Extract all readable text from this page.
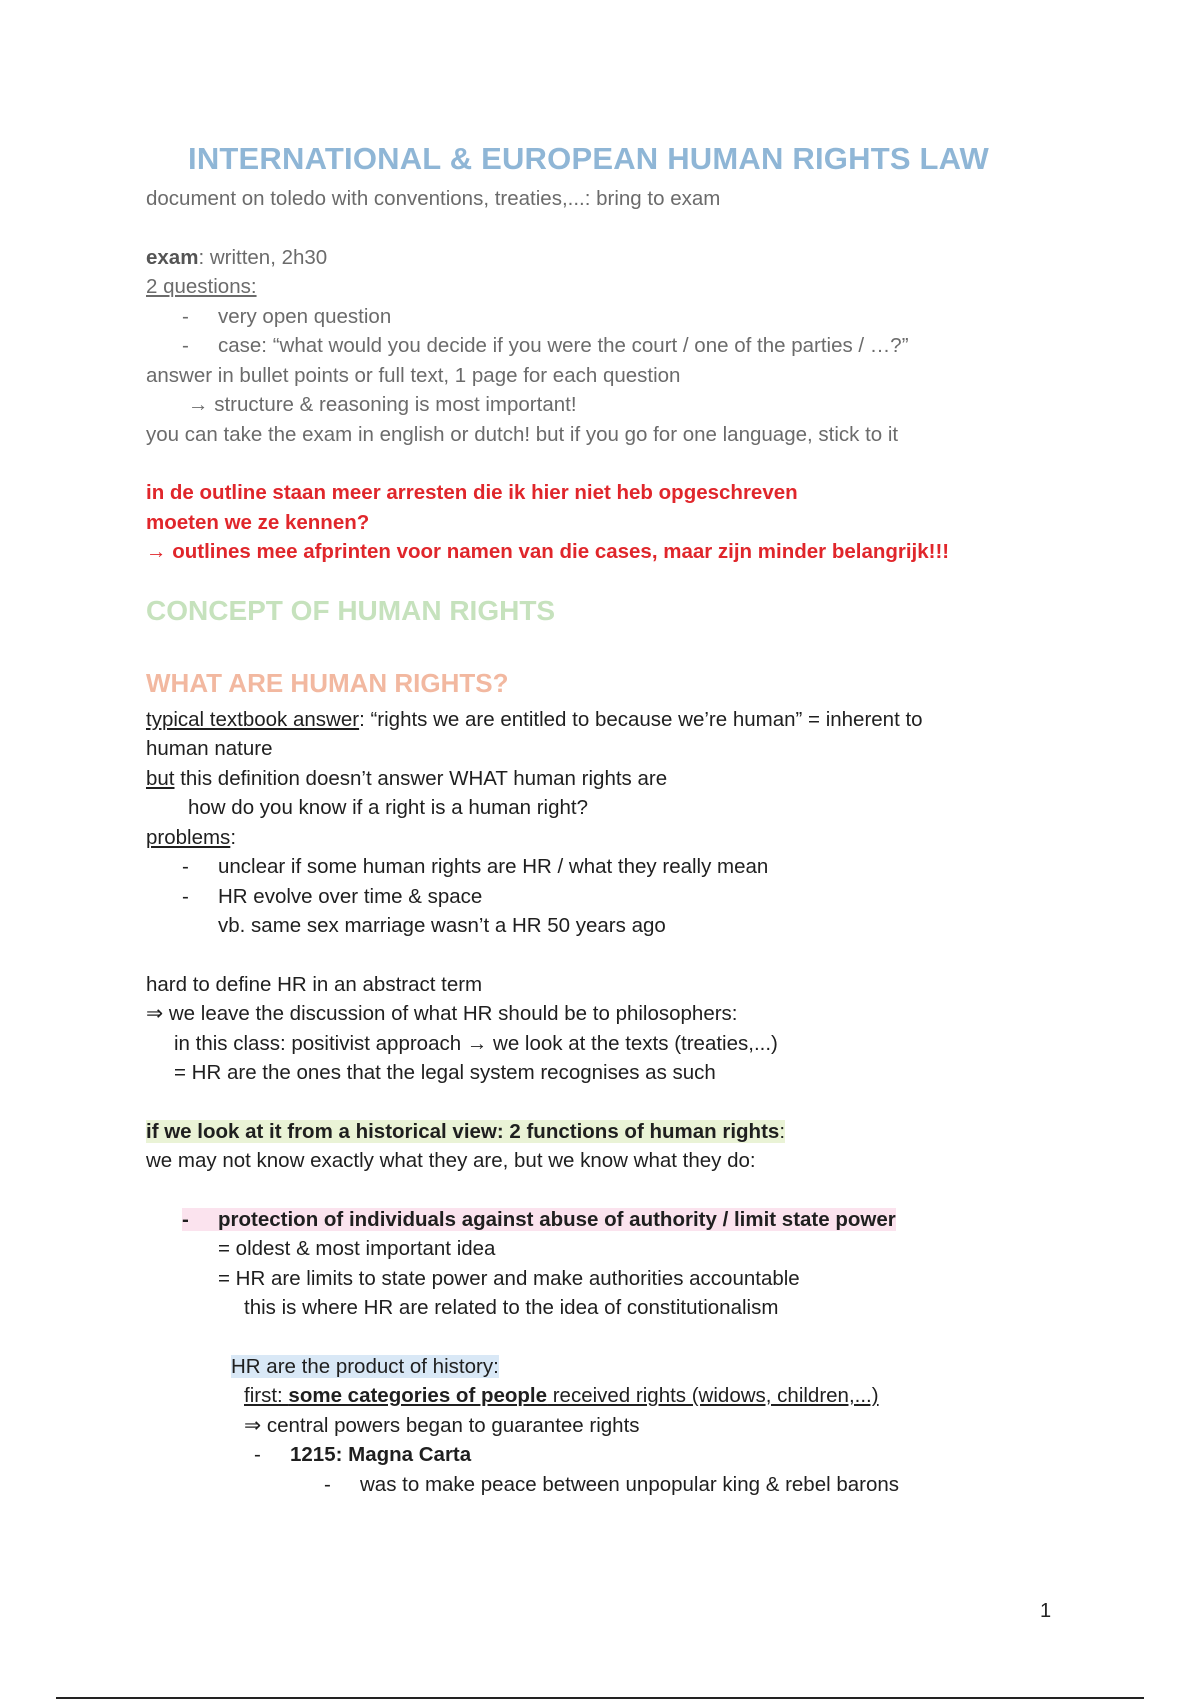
INTERNATIONAL & EUROPEAN HUMAN RIGHTS LAW
document on toledo with conventions, treaties,...: bring to exam
exam: written, 2h30
2 questions:
- very open question
- case: “what would you decide if you were the court / one of the parties / …?”
answer in bullet points or full text, 1 page for each question
→ structure & reasoning is most important!
you can take the exam in english or dutch! but if you go for one language, stick to it
in de outline staan meer arresten die ik hier niet heb opgeschreven
moeten we ze kennen?
→ outlines mee afprinten voor namen van die cases, maar zijn minder belangrijk!!!
CONCEPT OF HUMAN RIGHTS
WHAT ARE HUMAN RIGHTS?
typical textbook answer: “rights we are entitled to because we’re human” = inherent to
human nature
but this definition doesn’t answer WHAT human rights are
how do you know if a right is a human right?
problems:
- unclear if some human rights are HR / what they really mean
- HR evolve over time & space
vb. same sex marriage wasn’t a HR 50 years ago
hard to define HR in an abstract term
⇒ we leave the discussion of what HR should be to philosophers:
in this class: positivist approach → we look at the texts (treaties,...)
= HR are the ones that the legal system recognises as such
if we look at it from a historical view: 2 functions of human rights:
we may not know exactly what they are, but we know what they do:
- protection of individuals against abuse of authority / limit state power
= oldest & most important idea
= HR are limits to state power and make authorities accountable
this is where HR are related to the idea of constitutionalism
HR are the product of history:
first: some categories of people received rights (widows, children,...)
⇒ central powers began to guarantee rights
- 1215: Magna Carta
- was to make peace between unpopular king & rebel barons
1
